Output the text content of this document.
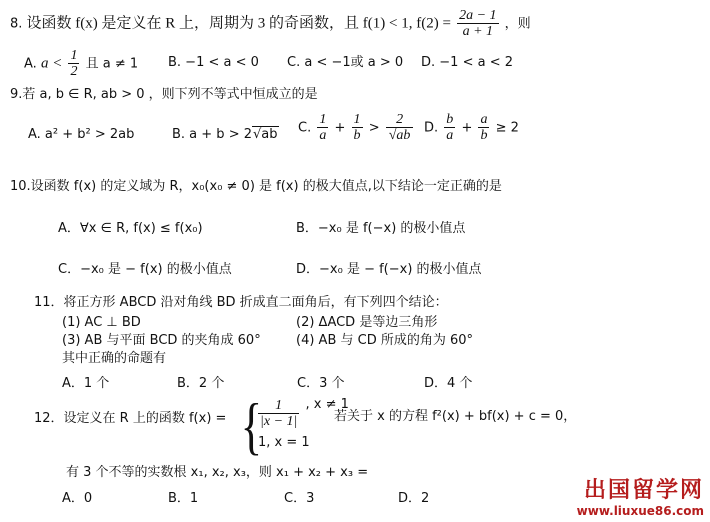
8. 设函数 f(x) 是定义在 R 上，周期为 3 的奇函数，且 f(1) < 1, $f(2) = \frac{2a - 1}{a + 1}$ ，则
A. $a < \frac{1}{2}$ 且 a ≠ 1 B. −1 < a < 0 C. a < −1或 a > 0 D. −1 < a < 2
9.若 a, b ∈ R, ab > 0 ，则下列不等式中恒成立的是
A. a² + b² > 2ab	B. a + b > 2√ab C. $\frac{1}{a} + \frac{1}{b} > \frac{2}{√ab} D$. $\frac{b}{a} + \frac{a}{b} \ge 2$
10.设函数 f(x) 的定义域为 R，x₀(x₀ ≠ 0) 是 f(x) 的极大值点,以下结论一定正确的是
A．∀x ∈ R, f(x) ≤ f(x₀)	B．−x₀ 是 f(−x) 的极小值点
C．−x₀ 是 − f(x) 的极小值点	D．−x₀ 是 − f(−x) 的极小值点
11．将正方形 ABCD 沿对角线 BD 折成直二面角后，有下列四个结论：
(1) AC ⊥ BD	(2) ΔACD 是等边三角形
(3) AB 与平面 BCD 的夹角成 60°	(4) AB 与 CD 所成的角为 60°
其中正确的命题有
A．1 个	B．2 个	C．3 个	D．4 个
12．设定义在 R 上的函数 f(x) = {
$\frac{1}{|x - 1|}$ , x ≠ 1
1, x = 1
若关于 x 的方程 f²(x) + bf(x) + c = 0，
有 3 个不等的实数根 x₁, x₂, x₃，则 x₁ + x₂ + x₃ =
A．0	B．1	C．3	D．2	出国留学网
www.liuxue86.com
